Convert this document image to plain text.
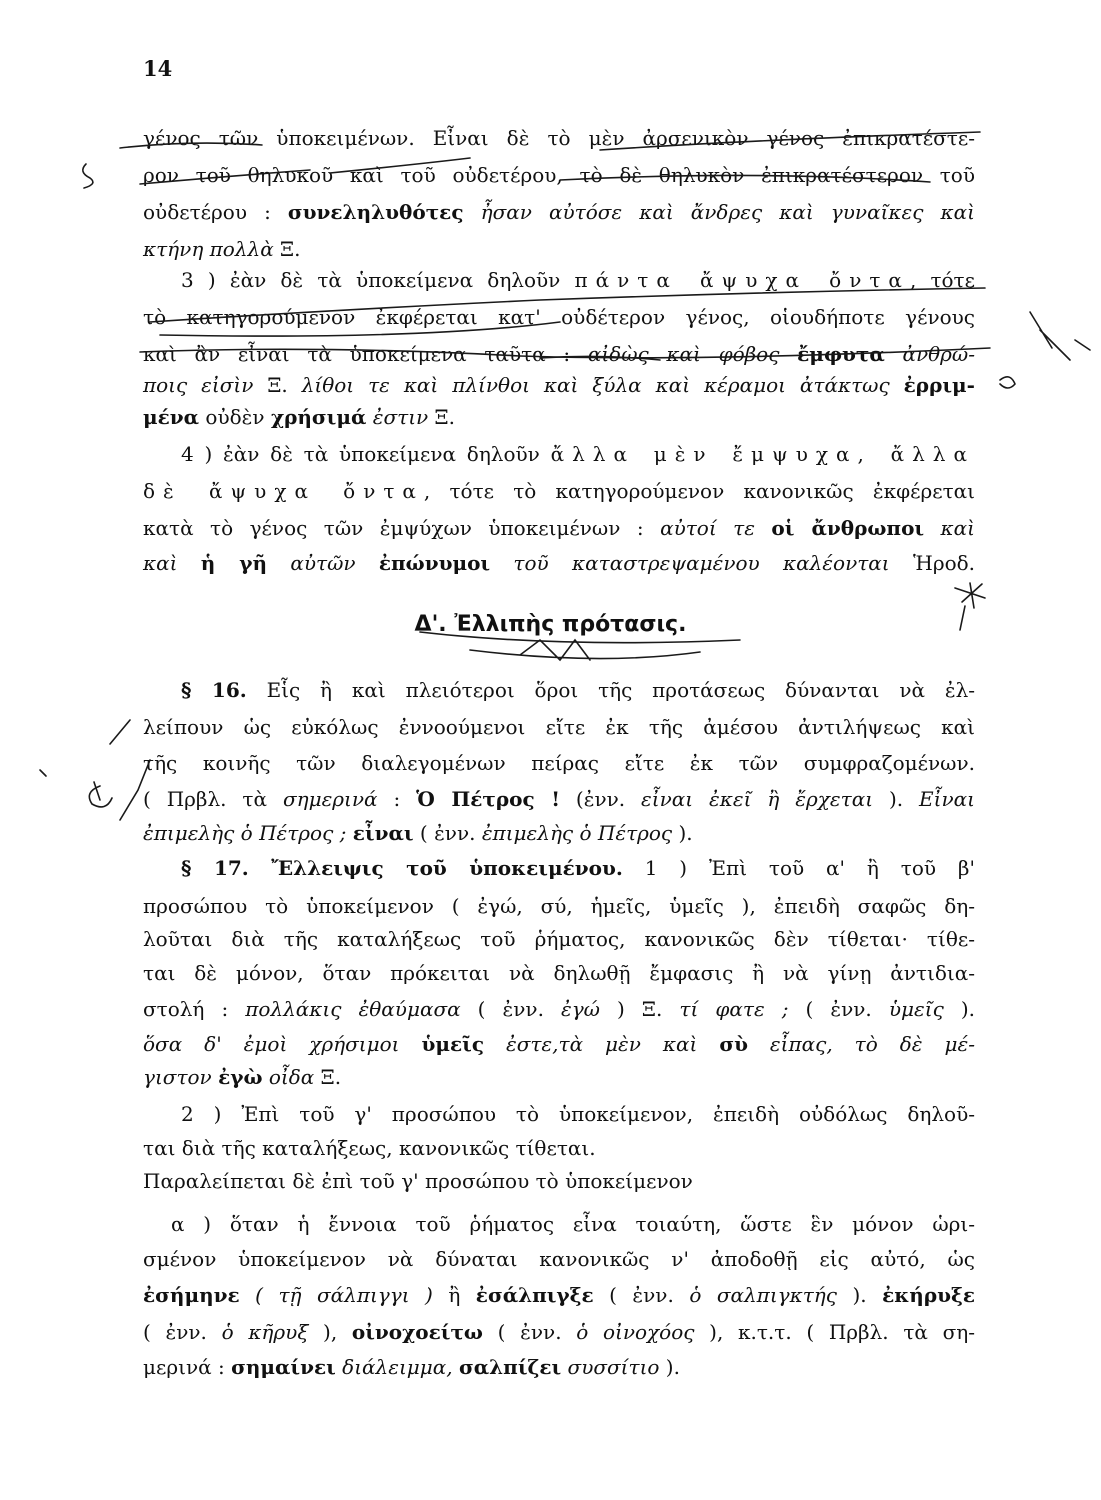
14
γένος τῶν ὑποκειμένων. Εἶναι δὲ τὸ μὲν ἀρσενικὸν γένος ἐπικρατέστε-
ρον τοῦ θηλυκοῦ καὶ τοῦ οὐδετέρου, τὸ δὲ θηλυκὸν ἐπικρατέστερον τοῦ
οὐδετέρου : συνεληλυθότες ἦσαν αὐτόσε καὶ ἄνδρες καὶ γυναῖκες καὶ
κτήνη πολλὰ Ξ.
3 ) ἐὰν δὲ τὰ ὑποκείμενα δηλοῦν πάντα ἄψυχα ὄντα, τότε
τὸ κατηγορούμενον ἐκφέρεται κατ' οὐδέτερον γένος, οἱουδήποτε γένους
καὶ ἂν εἶναι τὰ ὑποκείμενα ταῦτα : αἰδὼς καὶ φόβος ἔμφυτα ἀνθρώ-
ποις εἰσὶν Ξ. λίθοι τε καὶ πλίνθοι καὶ ξύλα καὶ κέραμοι ἀτάκτως ἐρριμ-
μένα οὐδὲν χρήσιμά ἐστιν Ξ.
4 ) ἐὰν δὲ τὰ ὑποκείμενα δηλοῦν ἄλλα μὲν ἔμψυχα, ἄλλα
δὲ ἄψυχα ὄντα, τότε τὸ κατηγορούμενον κανονικῶς ἐκφέρεται
κατὰ τὸ γένος τῶν ἐμψύχων ὑποκειμένων : αὐτοί τε οἱ ἄνθρωποι καὶ
καὶ ἡ γῆ αὐτῶν ἐπώνυμοι τοῦ καταστρεψαμένου καλέονται Ἡροδ.
Δ'. Ἐλλιπὴς πρότασις.
§ 16. Εἷς ἢ καὶ πλειότεροι ὅροι τῆς προτάσεως δύνανται νὰ ἐλ-
λείπουν ὡς εὐκόλως ἐννοούμενοι εἴτε ἐκ τῆς ἀμέσου ἀντιλήψεως καὶ
τῆς κοινῆς τῶν διαλεγομένων πείρας εἴτε ἐκ τῶν συμφραζομένων.
( Πρβλ. τὰ σημερινά : Ὁ Πέτρος ! (ἐνν. εἶναι ἐκεῖ ἢ ἔρχεται ). Εἶναι
ἐπιμελὴς ὁ Πέτρος ; εἶναι ( ἐνν. ἐπιμελὴς ὁ Πέτρος ).
§ 17. Ἔλλειψις τοῦ ὑποκειμένου. 1 ) Ἐπὶ τοῦ α' ἢ τοῦ β'
προσώπου τὸ ὑποκείμενον ( ἐγώ, σύ, ἡμεῖς, ὑμεῖς ), ἐπειδὴ σαφῶς δη-
λοῦται διὰ τῆς καταλήξεως τοῦ ῥήματος, κανονικῶς δὲν τίθεται· τίθε-
ται δὲ μόνον, ὅταν πρόκειται νὰ δηλωθῇ ἔμφασις ἢ νὰ γίνῃ ἀντιδια-
στολή : πολλάκις ἐθαύμασα ( ἐνν. ἐγώ ) Ξ. τί φατε ; ( ἐνν. ὑμεῖς ).
ὅσα δ' ἐμοὶ χρήσιμοι ὑμεῖς ἐστε,τὰ μὲν καὶ σὺ εἶπας, τὸ δὲ μέ-
γιστον ἐγὼ οἶδα Ξ.
2 ) Ἐπὶ τοῦ γ' προσώπου τὸ ὑποκείμενον, ἐπειδὴ οὐδόλως δηλοῦ-
ται διὰ τῆς καταλήξεως, κανονικῶς τίθεται.
Παραλείπεται δὲ ἐπὶ τοῦ γ' προσώπου τὸ ὑποκείμενον
α ) ὅταν ἡ ἔννοια τοῦ ῥήματος εἶνα τοιαύτη, ὥστε ἓν μόνον ὡρι-
σμένον ὑποκείμενον νὰ δύναται κανονικῶς ν' ἀποδοθῇ εἰς αὐτό, ὡς
ἐσήμηνε ( τῇ σάλπιγγι ) ἢ ἐσάλπιγξε ( ἐνν. ὁ σαλπιγκτής ). ἐκήρυξε
( ἐνν. ὁ κῆρυξ ), οἰνοχοείτω ( ἐνν. ὁ οἰνοχόος ), κ.τ.τ. ( Πρβλ. τὰ ση-
μερινά : σημαίνει διάλειμμα, σαλπίζει συσσίτιο ).
